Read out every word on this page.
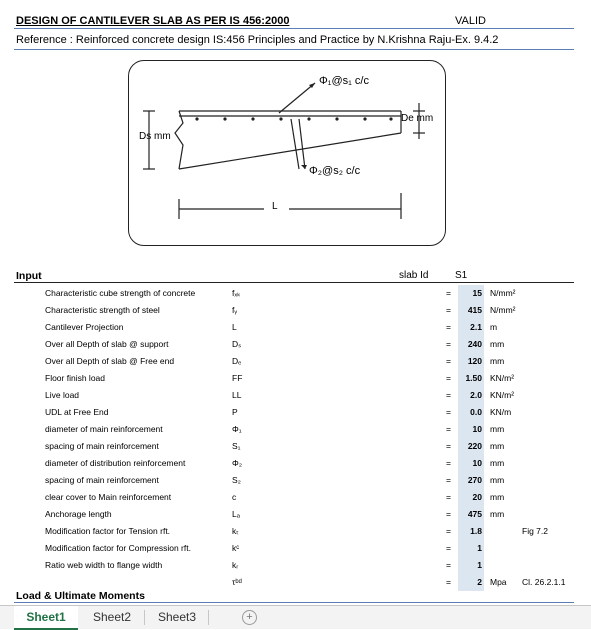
DESIGN OF CANTILEVER SLAB AS PER IS 456:2000	VALID
Reference : Reinforced concrete design IS:456 Principles and Practice by N.Krishna Raju-Ex. 9.4.2
Φ₁@s₁ c/c
Φ₂@s₂ c/c
Ds mm
De mm
L
Input	slab Id	S1
Characteristic cube strength of concrete	fₓₖ	=	15 N/mm²
Characteristic strength of steel	fᵧ	=	415 N/mm²
Cantilever Projection	L	=	2.1 m
Over all Depth of slab @ support	Dₛ	=	240 mm
Over all Depth of slab @ Free end	Dₑ	=	120 mm
Floor finish load	FF	=	1.50 KN/m²
Live load	LL	=	2.0 KN/m²
UDL at Free End	P	=	0.0 KN/m
diameter of main reinforcement	Φ₁	=	10 mm
spacing of main reinforcement	S₁	=	220 mm
diameter of distribution reinforcement	Φ₂	=	10 mm
spacing of main reinforcement	S₂	=	270 mm
clear cover to Main reinforcement	c	=	20 mm
Anchorage length	Lₐ	=	475 mm
Modification factor for Tension rft.	kₜ	=	1.8	Fig 7.2
Modification factor for Compression rft.	kᶜ	=	1
Ratio web width to flange width	kᵣ	=	1
τᵇᵈ	=	2 Mpa Cl. 26.2.1.1
Load & Ultimate Moments
Sheet1	Sheet2	Sheet3	+
